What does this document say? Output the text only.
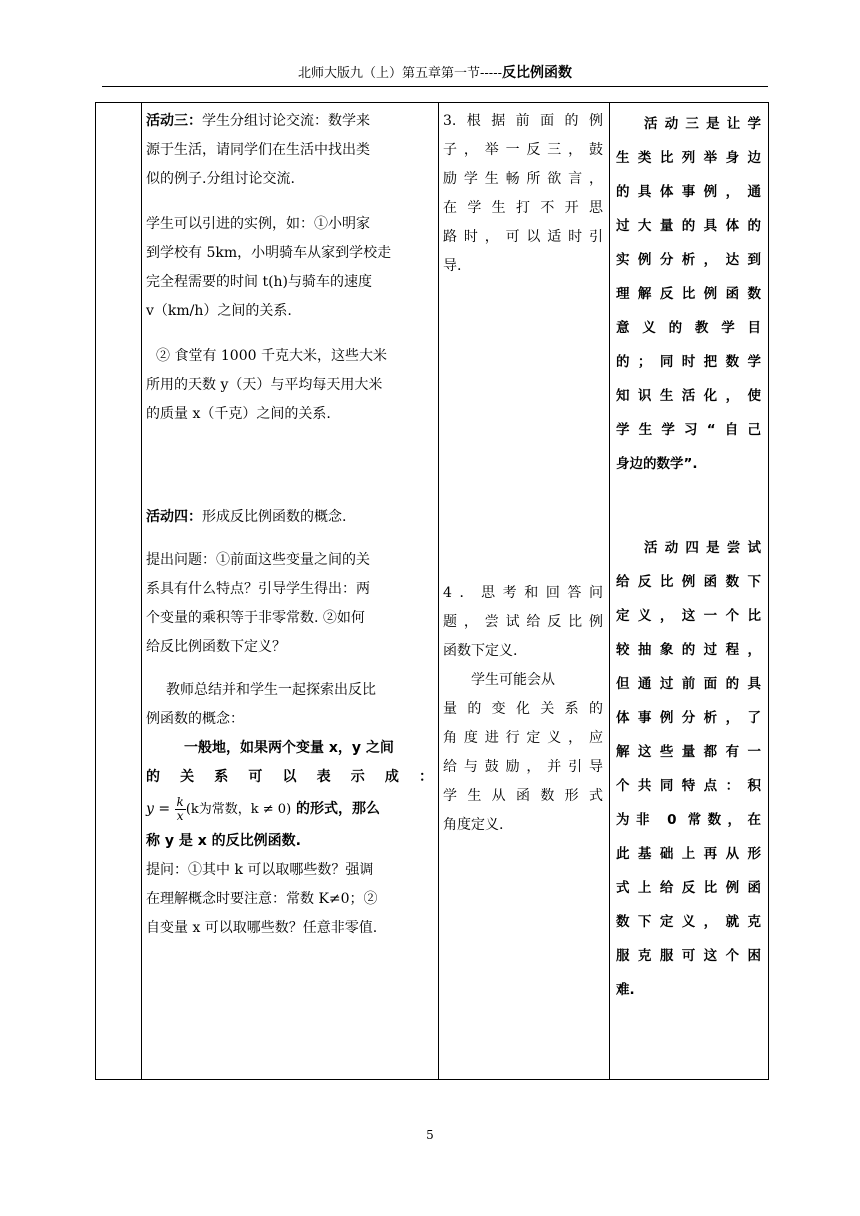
北师大版九（上）第五章第一节-----反比例函数

活动三：学生分组讨论交流：数学来

源于生活，请同学们在生活中找出类

似的例子.分组讨论交流.

学生可以引进的实例，如：①小明家

到学校有 5km，小明骑车从家到学校走

完全程需要的时间 t(h)与骑车的速度

v（km/h）之间的关系.

② 食堂有 1000 千克大米，这些大米

所用的天数 y（天）与平均每天用大米

的质量 x（千克）之间的关系.

活动四：形成反比例函数的概念.

提出问题：①前面这些变量之间的关

系具有什么特点？引导学生得出：两

个变量的乘积等于非零常数. ②如何

给反比例函数下定义？

教师总结并和学生一起探索出反比

例函数的概念：

一般地，如果两个变量 x，y 之间

的关系可以表示成：

$y = \frac{k}{x} (k$为常数，k ≠ 0) 的形式，那么

称 y 是 x 的反比例函数.

提问：①其中 k 可以取哪些数？强调

在理解概念时要注意：常数 K≠0；②

自变量 x 可以取哪些数？任意非零值.

3.根据前面的例

子，举一反三，鼓

励学生畅所欲言，

在学生打不开思

路时，可以适时引

导.

4．思考和回答问

题，尝试给反比例

函数下定义.

学生可能会从

量的变化关系的

角度进行定义，应

给与鼓励，并引导

学生从函数形式

角度定义.

活动三是让学

生类比列举身边

的具体事例，通

过大量的具体的

实例分析，达到

理解反比例函数

意义的教学目

的；同时把数学

知识生活化，使

学生学习“自己

身边的数学”.

活动四是尝试

给反比例函数下

定义，这一个比

较抽象的过程，

但通过前面的具

体事例分析，了

解这些量都有一

个共同特点：积

为非 0 常数，在

此基础上再从形

式上给反比例函

数下定义，就克

服克服可这个困

难.

5
